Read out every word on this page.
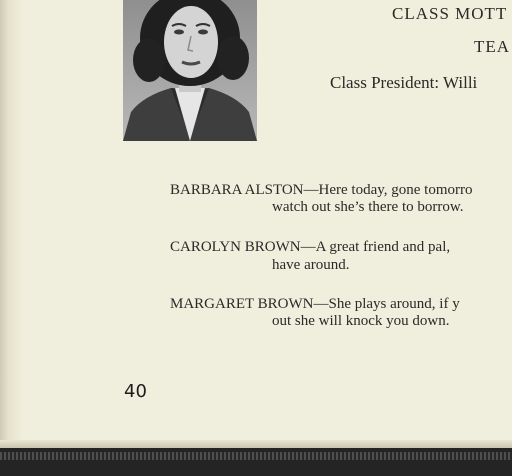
CLASS MOTT
TEA
Class President: Willi
BARBARA ALSTON—Here today, gone tomorro
watch out she’s there to borrow.
CAROLYN BROWN—A great friend and pal,
have around.
MARGARET BROWN—She plays around, if y
out she will knock you down.
40
